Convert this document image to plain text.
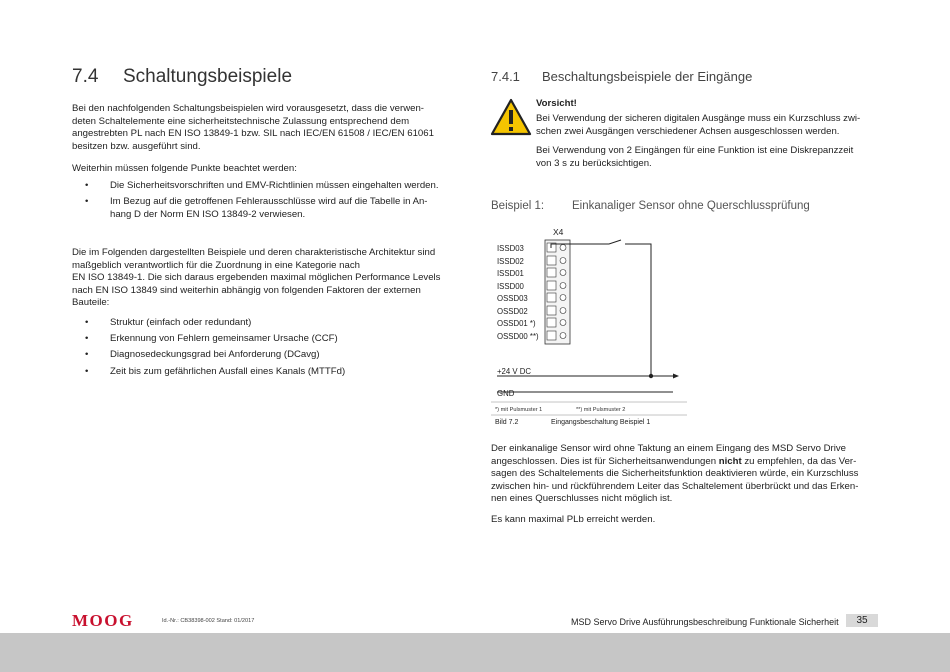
7.4 Schaltungsbeispiele
Bei den nachfolgenden Schaltungsbeispielen wird vorausgesetzt, dass die verwen-
deten Schaltelemente eine sicherheitstechnische Zulassung entsprechend dem
angestrebten PL nach EN ISO 13849-1 bzw. SIL nach IEC/EN 61508 / IEC/EN 61061
besitzen bzw. ausgeführt sind.
Weiterhin müssen folgende Punkte beachtet werden:
• Die Sicherheitsvorschriften und EMV-Richtlinien müssen eingehalten werden.
• Im Bezug auf die getroffenen Fehlerausschlüsse wird auf die Tabelle in An-
hang D der Norm EN ISO 13849-2 verwiesen.
Die im Folgenden dargestellten Beispiele und deren charakteristische Architektur sind
maßgeblich verantwortlich für die Zuordnung in eine Kategorie nach
EN ISO 13849-1. Die sich daraus ergebenden maximal möglichen Performance Levels
nach EN ISO 13849 sind weiterhin abhängig von folgenden Faktoren der externen
Bauteile:
• Struktur (einfach oder redundant)
• Erkennung von Fehlern gemeinsamer Ursache (CCF)
• Diagnosedeckungsgrad bei Anforderung (DCavg)
• Zeit bis zum gefährlichen Ausfall eines Kanals (MTTFd)
7.4.1 Beschaltungsbeispiele der Eingänge
Vorsicht!
Bei Verwendung der sicheren digitalen Ausgänge muss ein Kurzschluss zwi-
schen zwei Ausgängen verschiedener Achsen ausgeschlossen werden.
Bei Verwendung von 2 Eingängen für eine Funktion ist eine Diskrepanzzeit
von 3 s zu berücksichtigen.
Beispiel 1: Einkanaliger Sensor ohne Querschlussprüfung
X4
ISSD03
ISSD02
ISSD01
ISSD00
OSSD03
OSSD02
OSSD01 *)
OSSD00 **)
+24 V DC
GND
*) mit Pulsmuster 1	**) mit Pulsmuster 2
Bild 7.2	Eingangsbeschaltung Beispiel 1
Der einkanalige Sensor wird ohne Taktung an einem Eingang des MSD Servo Drive
angeschlossen. Dies ist für Sicherheitsanwendungen nicht zu empfehlen, da das Ver-
sagen des Schaltelements die Sicherheitsfunktion deaktivieren würde, ein Kurzschluss
zwischen hin- und rückführendem Leiter das Schaltelement überbrückt und das Erken-
nen eines Querschlusses nicht möglich ist.
Es kann maximal PLb erreicht werden.
MOOG	Id.-Nr.: CB38398-002 Stand: 01/2017	MSD Servo Drive Ausführungsbeschreibung Funktionale Sicherheit	35
